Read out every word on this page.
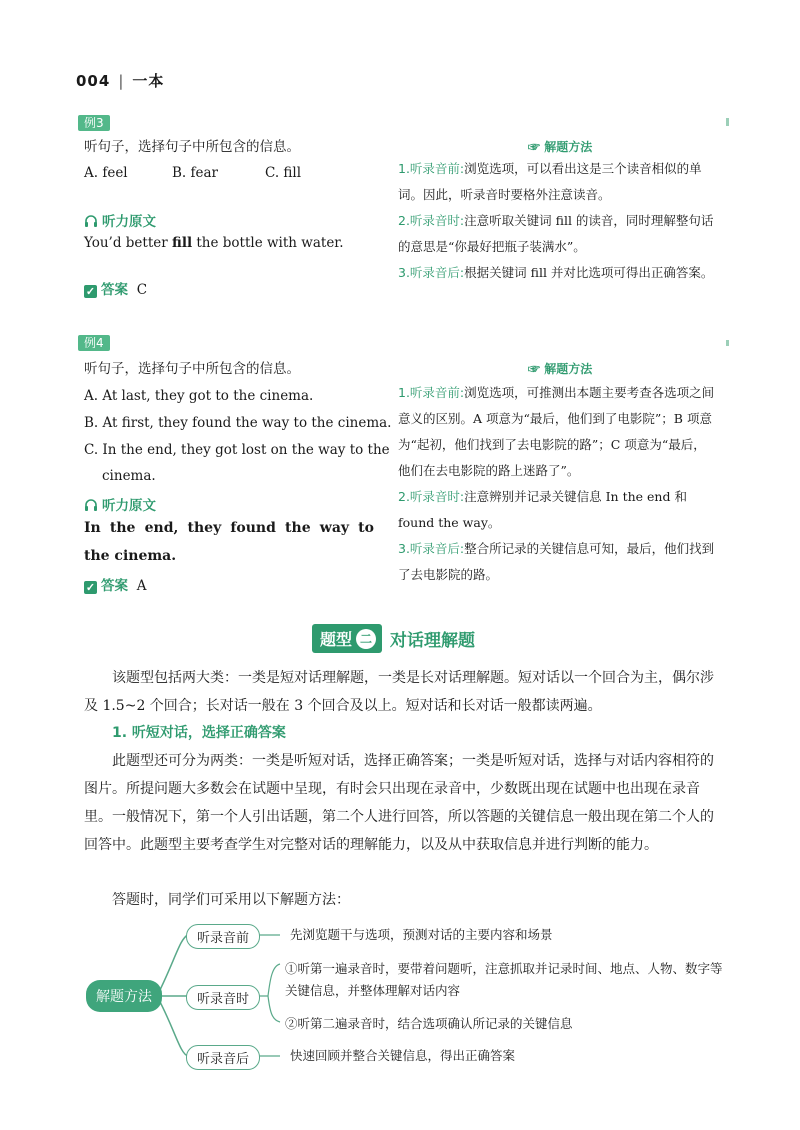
004 | 一本
例3
听句子，选择句子中所包含的信息。
A. feel	B. fear	C. fill
听力原文
You’d better fill the bottle with water.
✓ 答案 C
☞ 解题方法
1.听录音前:浏览选项，可以看出这是三个读音相似的单词。因此，听录音时要格外注意读音。
2.听录音时:注意听取关键词 fill 的读音，同时理解整句话的意思是“你最好把瓶子装满水”。
3.听录音后:根据关键词 fill 并对比选项可得出正确答案。
例4
听句子，选择句子中所包含的信息。
A. At last, they got to the cinema.
B. At first, they found the way to the cinema.
C. In the end, they got lost on the way to the cinema.
听力原文
In the end, they found the way to the cinema.
✓ 答案 A
☞ 解题方法
1.听录音前:浏览选项，可推测出本题主要考查各选项之间意义的区别。A 项意为“最后，他们到了电影院”；B 项意为“起初，他们找到了去电影院的路”；C 项意为“最后，他们在去电影院的路上迷路了”。
2.听录音时:注意辨别并记录关键信息 In the end 和 found the way。
3.听录音后:整合所记录的关键信息可知，最后，他们找到了去电影院的路。
题型 二 对话理解题
该题型包括两大类：一类是短对话理解题，一类是长对话理解题。短对话以一个回合为主，偶尔涉及 1.5~2 个回合；长对话一般在 3 个回合及以上。短对话和长对话一般都读两遍。
1. 听短对话，选择正确答案
此题型还可分为两类：一类是听短对话，选择正确答案；一类是听短对话，选择与对话内容相符的图片。所提问题大多数会在试题中呈现，有时会只出现在录音中，少数既出现在试题中也出现在录音里。一般情况下，第一个人引出话题，第二个人进行回答，所以答题的关键信息一般出现在第二个人的回答中。此题型主要考查学生对完整对话的理解能力，以及从中获取信息并进行判断的能力。
答题时，同学们可采用以下解题方法：
解题方法
听录音前	先浏览题干与选项，预测对话的主要内容和场景
听录音时
①听第一遍录音时，要带着问题听，注意抓取并记录时间、地点、人物、数字等关键信息，并整体理解对话内容
②听第二遍录音时，结合选项确认所记录的关键信息
听录音后	快速回顾并整合关键信息，得出正确答案
